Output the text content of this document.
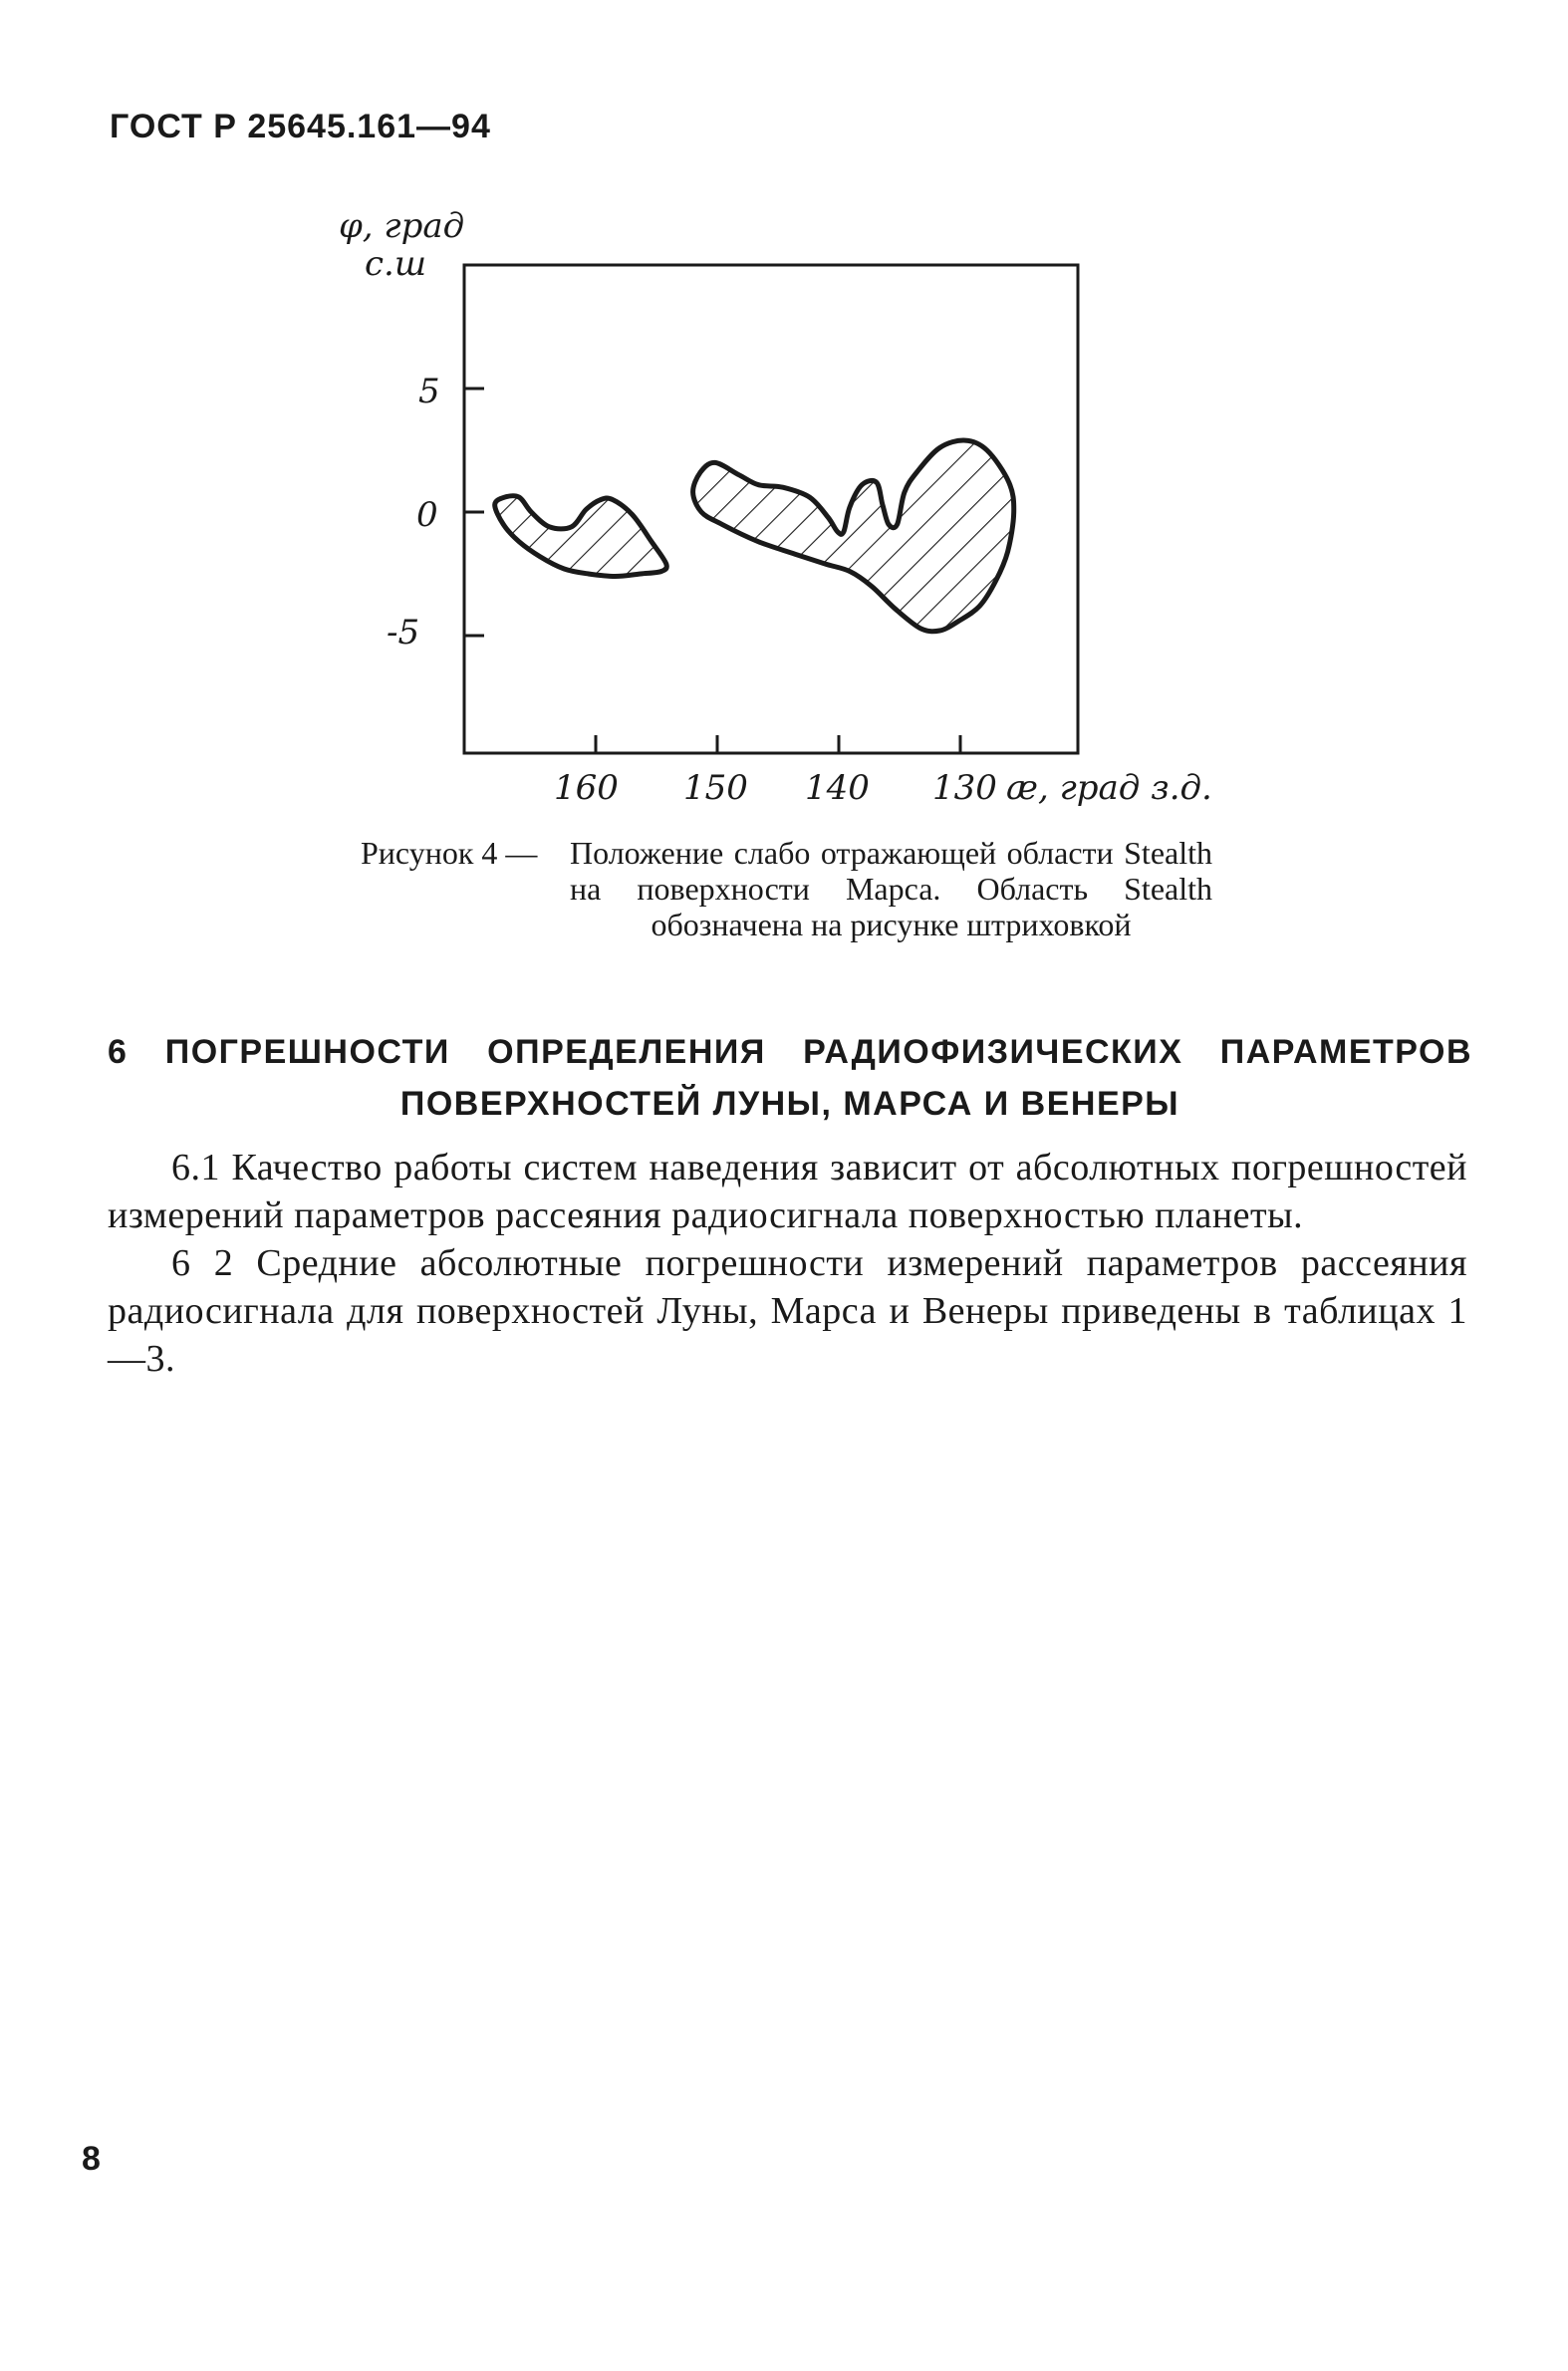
ГОСТ Р 25645.161—94
φ, град
с.ш
5
0
-5
160 150 140 130 æ, град з.д.
Рисунок 4 — Положение слабо отражающей области Stealth на поверхности Марса. Область Stealth обозначена на рисунке штриховкой
6 ПОГРЕШНОСТИ ОПРЕДЕЛЕНИЯ РАДИОФИЗИЧЕСКИХ ПАРАМЕТРОВ
ПОВЕРХНОСТЕЙ ЛУНЫ, МАРСА И ВЕНЕРЫ

6.1 Качество работы систем наведения зависит от абсолютных погрешностей измерений параметров рассеяния радиосигнала поверхностью планеты.

6 2 Средние абсолютные погрешности измерений параметров рассеяния радиосигнала для поверхностей Луны, Марса и Венеры приведены в таблицах 1—3.

8
